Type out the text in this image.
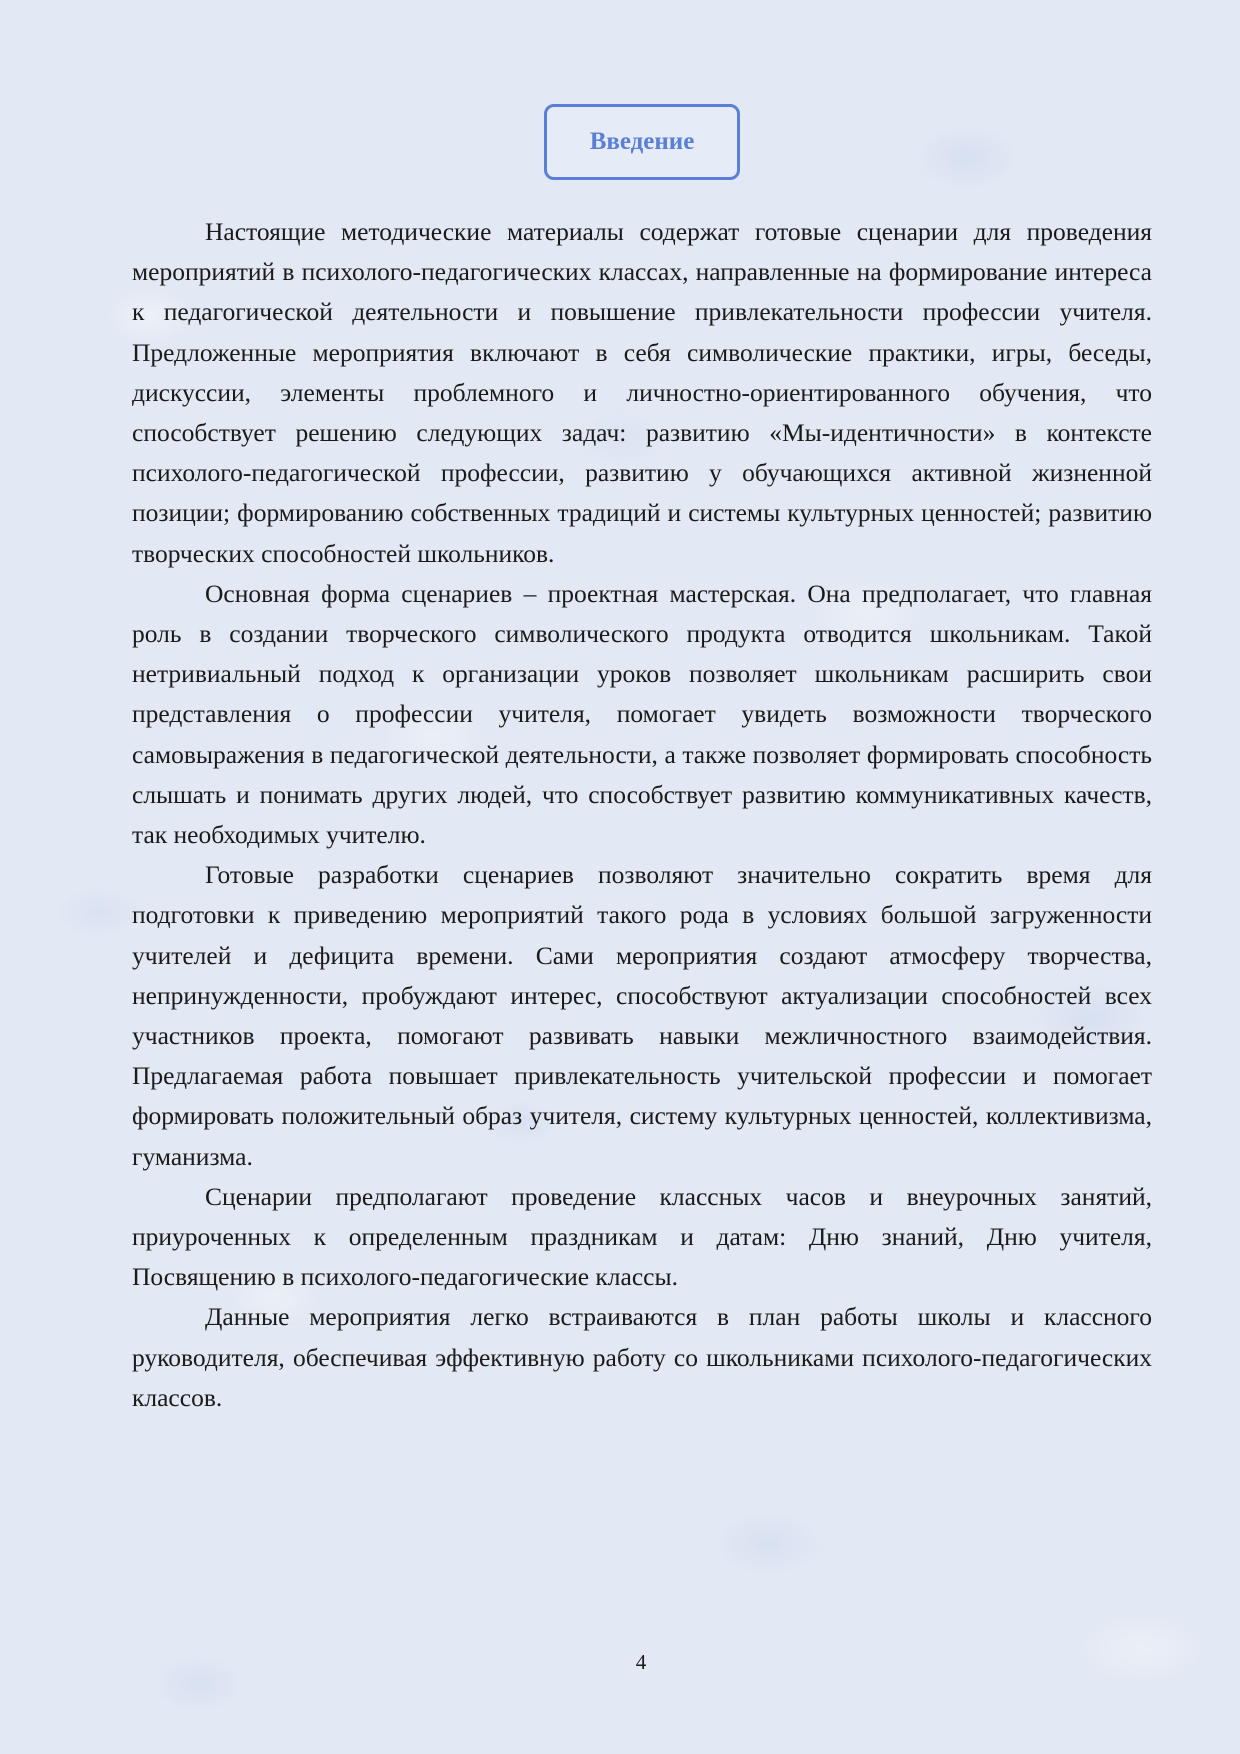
Введение

Настоящие методические материалы содержат готовые сценарии для проведения мероприятий в психолого-педагогических классах, направленные на формирование интереса к педагогической деятельности и повышение привлекательности профессии учителя. Предложенные мероприятия включают в себя символические практики, игры, беседы, дискуссии, элементы проблемного и личностно-ориентированного обучения, что способствует решению следующих задач: развитию «Мы-идентичности» в контексте психолого-педагогической профессии, развитию у обучающихся активной жизненной позиции; формированию собственных традиций и системы культурных ценностей; развитию творческих способностей школьников.

Основная форма сценариев – проектная мастерская. Она предполагает, что главная роль в создании творческого символического продукта отводится школьникам. Такой нетривиальный подход к организации уроков позволяет школьникам расширить свои представления о профессии учителя, помогает увидеть возможности творческого самовыражения в педагогической деятельности, а также позволяет формировать способность слышать и понимать других людей, что способствует развитию коммуникативных качеств, так необходимых учителю.

Готовые разработки сценариев позволяют значительно сократить время для подготовки к приведению мероприятий такого рода в условиях большой загруженности учителей и дефицита времени. Сами мероприятия создают атмосферу творчества, непринужденности, пробуждают интерес, способствуют актуализации способностей всех участников проекта, помогают развивать навыки межличностного взаимодействия. Предлагаемая работа повышает привлекательность учительской профессии и помогает формировать положительный образ учителя, систему культурных ценностей, коллективизма, гуманизма.

Сценарии предполагают проведение классных часов и внеурочных занятий, приуроченных к определенным праздникам и датам: Дню знаний, Дню учителя, Посвящению в психолого-педагогические классы.

Данные мероприятия легко встраиваются в план работы школы и классного руководителя, обеспечивая эффективную работу со школьниками психолого-педагогических классов.

4
